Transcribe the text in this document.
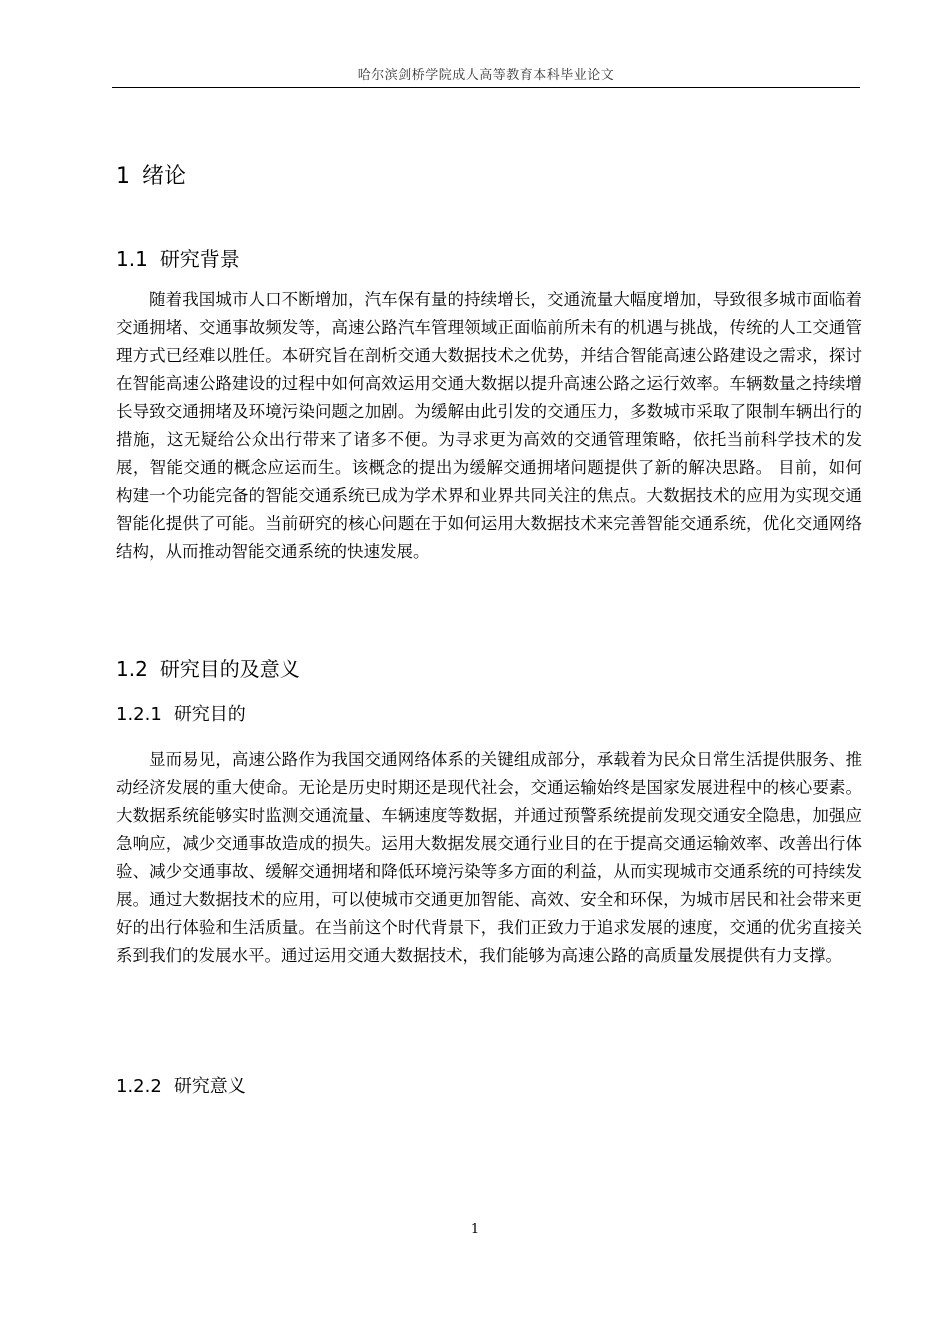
哈尔滨剑桥学院成人高等教育本科毕业论文
1 绪论
1.1 研究背景

随着我国城市人口不断增加，汽车保有量的持续增长，交通流量大幅度增加，导致很多城市面临着交通拥堵、交通事故频发等，高速公路汽车管理领域正面临前所未有的机遇与挑战，传统的人工交通管理方式已经难以胜任。本研究旨在剖析交通大数据技术之优势，并结合智能高速公路建设之需求，探讨在智能高速公路建设的过程中如何高效运用交通大数据以提升高速公路之运行效率。车辆数量之持续增长导致交通拥堵及环境污染问题之加剧。为缓解由此引发的交通压力，多数城市采取了限制车辆出行的措施，这无疑给公众出行带来了诸多不便。为寻求更为高效的交通管理策略，依托当前科学技术的发展，智能交通的概念应运而生。该概念的提出为缓解交通拥堵问题提供了新的解决思路。 目前，如何构建一个功能完备的智能交通系统已成为学术界和业界共同关注的焦点。大数据技术的应用为实现交通智能化提供了可能。当前研究的核心问题在于如何运用大数据技术来完善智能交通系统，优化交通网络结构，从而推动智能交通系统的快速发展。

1.2 研究目的及意义
1.2.1 研究目的

显而易见，高速公路作为我国交通网络体系的关键组成部分，承载着为民众日常生活提供服务、推动经济发展的重大使命。无论是历史时期还是现代社会，交通运输始终是国家发展进程中的核心要素。大数据系统能够实时监测交通流量、车辆速度等数据，并通过预警系统提前发现交通安全隐患，加强应急响应，减少交通事故造成的损失。运用大数据发展交通行业目的在于提高交通运输效率、改善出行体验、减少交通事故、缓解交通拥堵和降低环境污染等多方面的利益，从而实现城市交通系统的可持续发展。通过大数据技术的应用，可以使城市交通更加智能、高效、安全和环保，为城市居民和社会带来更好的出行体验和生活质量。在当前这个时代背景下，我们正致力于追求发展的速度，交通的优劣直接关系到我们的发展水平。通过运用交通大数据技术，我们能够为高速公路的高质量发展提供有力支撑。

1.2.2 研究意义
1
